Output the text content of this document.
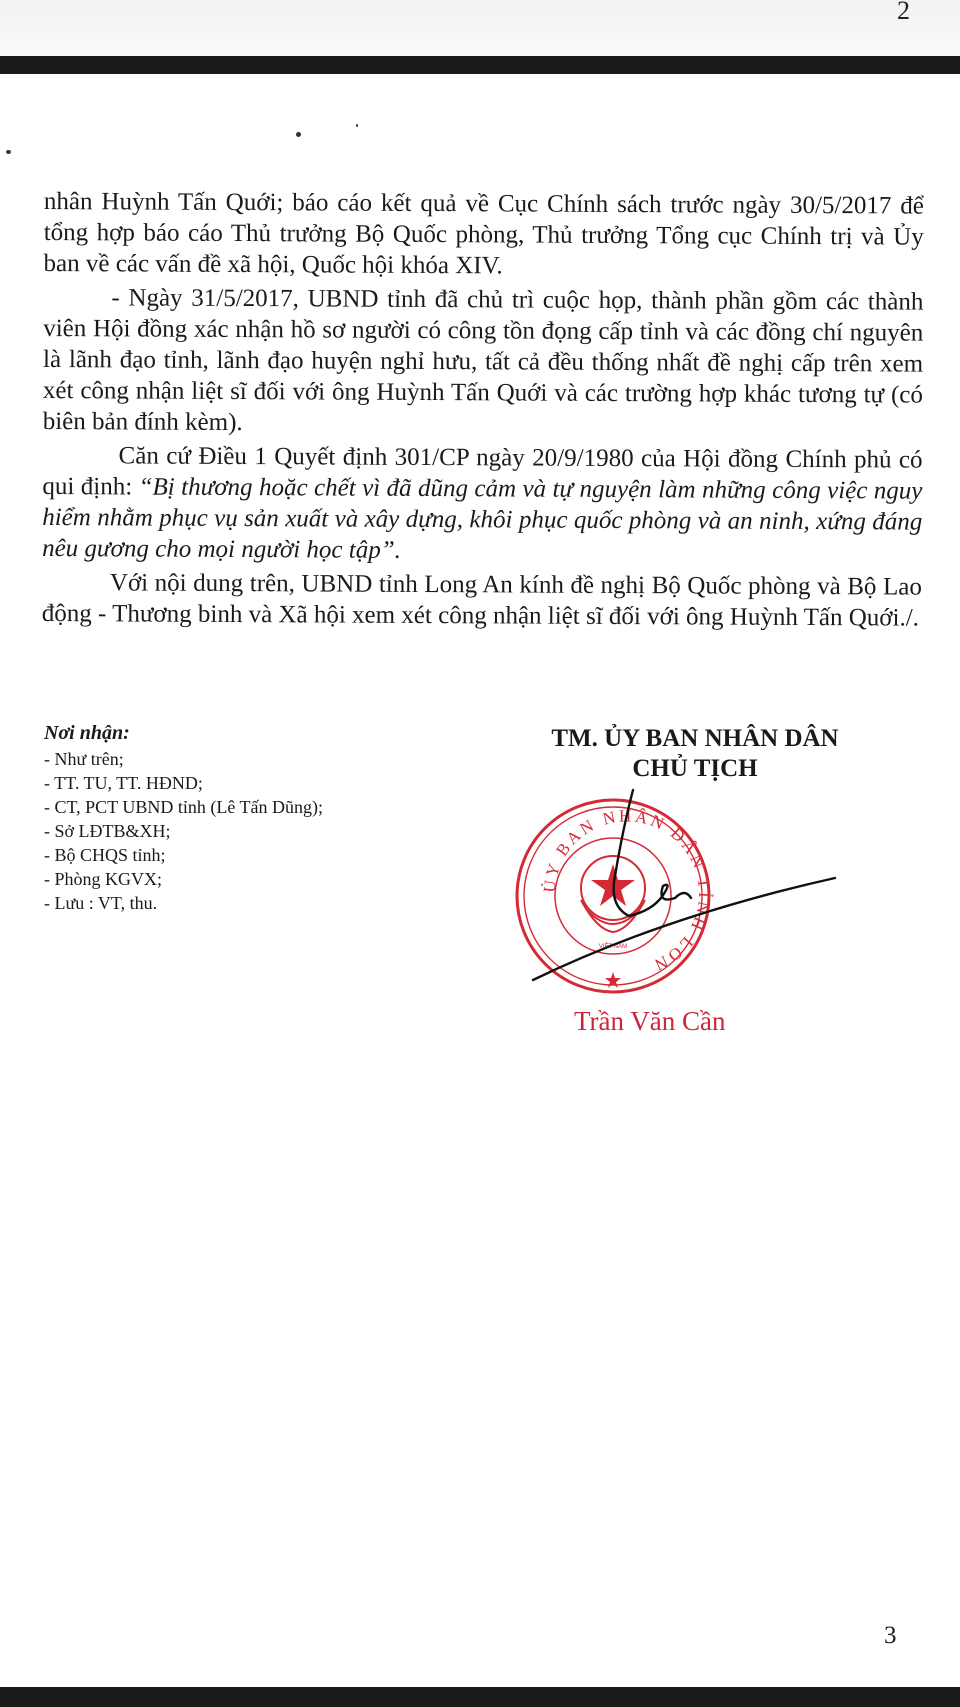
2

nhân Huỳnh Tấn Quới; báo cáo kết quả về Cục Chính sách trước ngày 30/5/2017 để tổng hợp báo cáo Thủ trưởng Bộ Quốc phòng, Thủ trưởng Tổng cục Chính trị và Ủy ban về các vấn đề xã hội, Quốc hội khóa XIV.

- Ngày 31/5/2017, UBND tỉnh đã chủ trì cuộc họp, thành phần gồm các thành viên Hội đồng xác nhận hồ sơ người có công tồn đọng cấp tỉnh và các đồng chí nguyên là lãnh đạo tỉnh, lãnh đạo huyện nghỉ hưu, tất cả đều thống nhất đề nghị cấp trên xem xét công nhận liệt sĩ đối với ông Huỳnh Tấn Quới và các trường hợp khác tương tự (có biên bản đính kèm).

Căn cứ Điều 1 Quyết định 301/CP ngày 20/9/1980 của Hội đồng Chính phủ có qui định: “Bị thương hoặc chết vì đã dũng cảm và tự nguyện làm những công việc nguy hiểm nhằm phục vụ sản xuất và xây dựng, khôi phục quốc phòng và an ninh, xứng đáng nêu gương cho mọi người học tập”.

Với nội dung trên, UBND tỉnh Long An kính đề nghị Bộ Quốc phòng và Bộ Lao động - Thương binh và Xã hội xem xét công nhận liệt sĩ đối với ông Huỳnh Tấn Quới./.

Nơi nhận:
- Như trên;
- TT. TU, TT. HĐND;
- CT, PCT UBND tỉnh (Lê Tấn Dũng);
- Sở LĐTB&XH;
- Bộ CHQS tỉnh;
- Phòng KGVX;
- Lưu : VT, thu.
TM. ỦY BAN NHÂN DÂN
CHỦ TỊCH
ỦY BAN NHÂN DÂN TỈNH LON
VIỆT NAM
Trần Văn Cần
3
